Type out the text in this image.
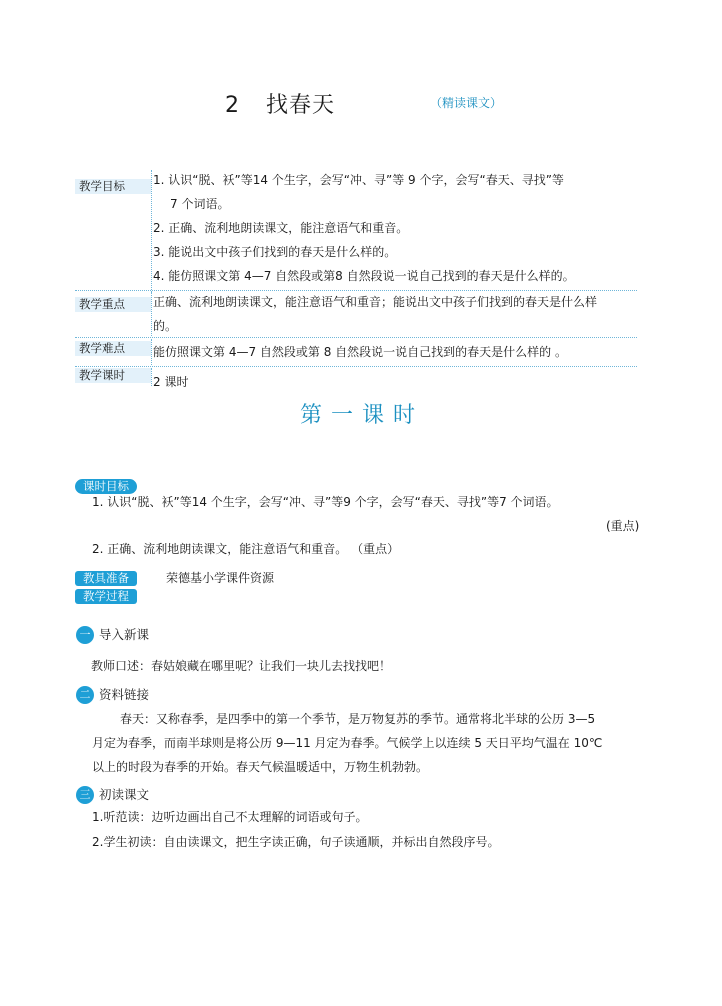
2 找春天	（精读课文）
教学目标	1. 认识“脱、袄”等14 个生字，会写“冲、寻”等 9 个字，会写“春天、寻找”等
7 个词语。
2. 正确、流利地朗读课文，能注意语气和重音。
3. 能说出文中孩子们找到的春天是什么样的。
4. 能仿照课文第 4—7 自然段或第8 自然段说一说自己找到的春天是什么样的。
教学重点	正确、流利地朗读课文，能注意语气和重音；能说出文中孩子们找到的春天是什么样
的。
教学难点	能仿照课文第 4—7 自然段或第 8 自然段说一说自己找到的春天是什么样的 。
教学课时	2 课时
第一课时
课时目标
1. 认识“脱、袄”等14 个生字，会写“冲、寻”等9 个字，会写“春天、寻找”等7 个词语。
(重点)
2. 正确、流利地朗读课文，能注意语气和重音。 （重点）
教具准备	荣德基小学课件资源
教学过程
一 导入新课
教师口述：春姑娘藏在哪里呢？让我们一块儿去找找吧！
二 资料链接
春天：又称春季，是四季中的第一个季节，是万物复苏的季节。通常将北半球的公历 3—5
月定为春季，而南半球则是将公历 9—11 月定为春季。气候学上以连续 5 天日平均气温在 10℃
以上的时段为春季的开始。春天气候温暖适中，万物生机勃勃。
三 初读课文
1.听范读：边听边画出自己不太理解的词语或句子。
2.学生初读：自由读课文，把生字读正确，句子读通顺，并标出自然段序号。
